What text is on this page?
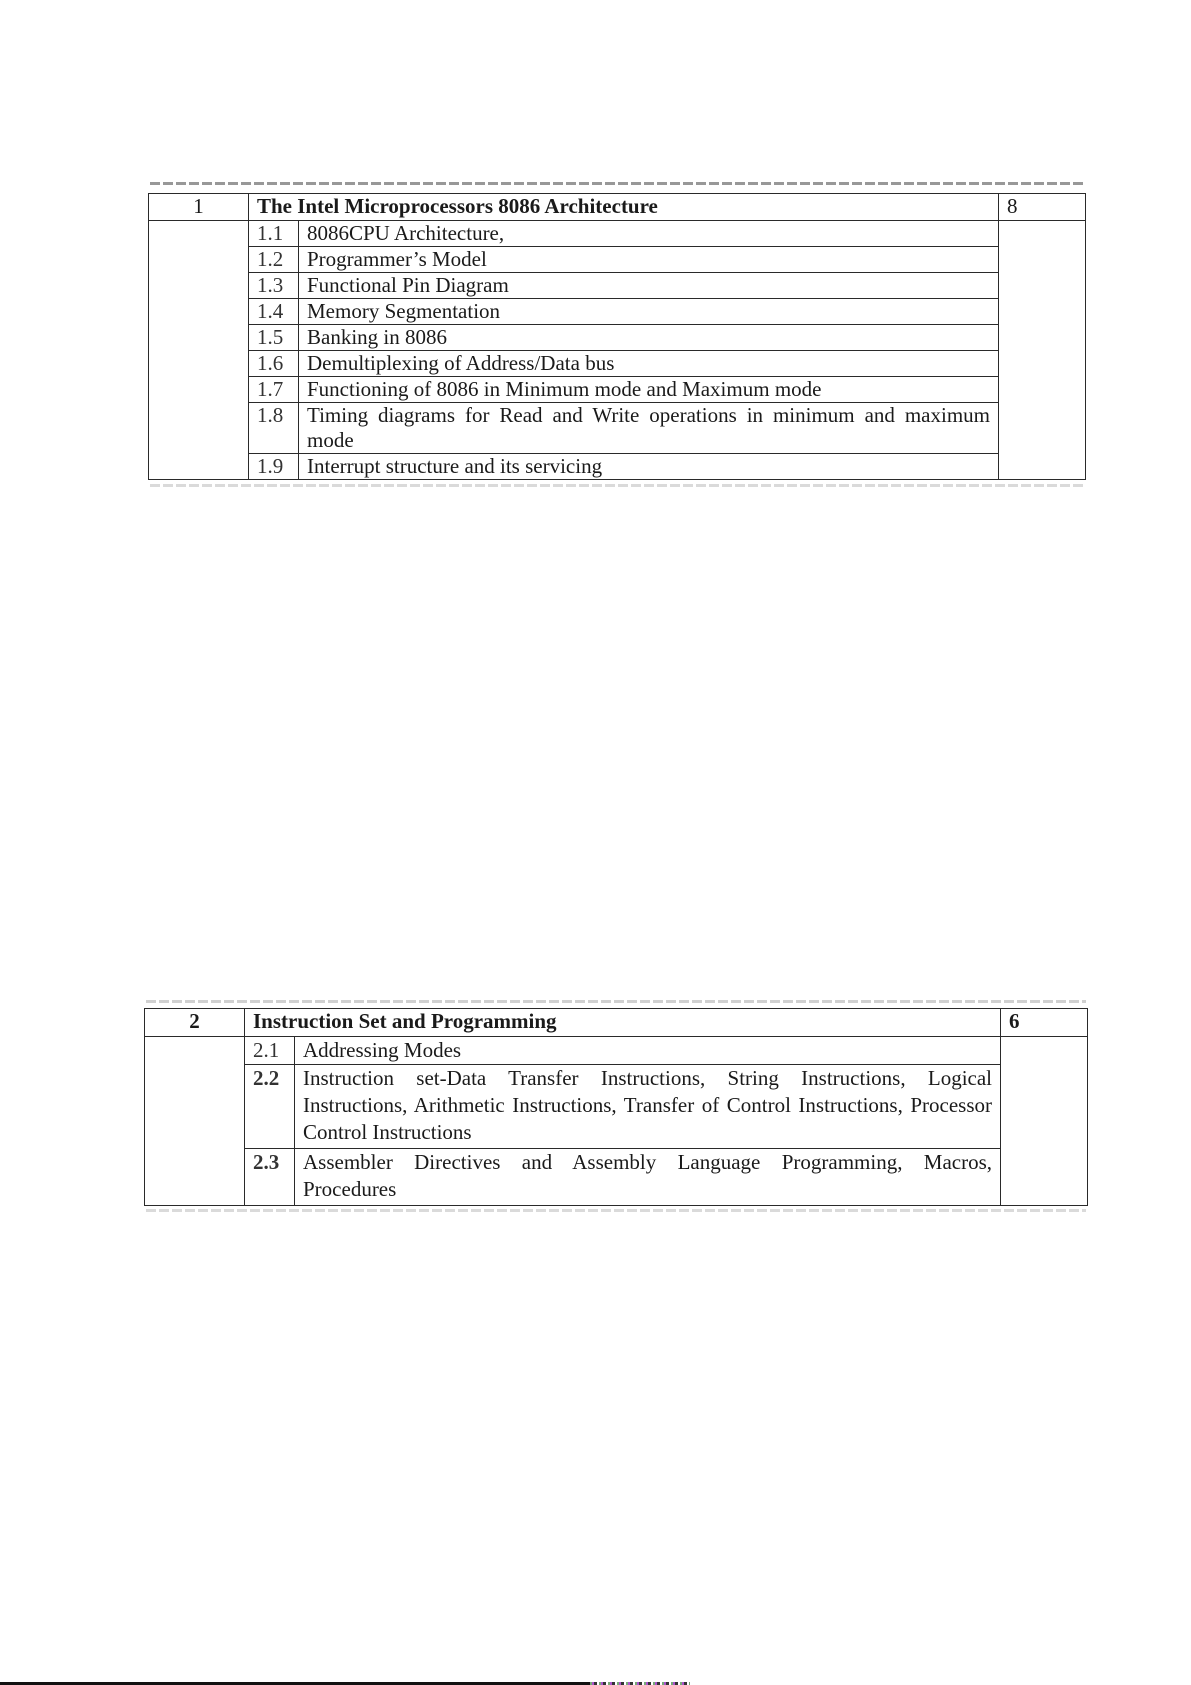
1	The Intel Microprocessors 8086 Architecture		8
	1.1	8086CPU Architecture,	
	1.2	Programmer’s Model	
	1.3	Functional Pin Diagram	
	1.4	Memory Segmentation	
	1.5	Banking in 8086	
	1.6	Demultiplexing of Address/Data bus	
	1.7	Functioning of 8086 in Minimum mode and Maximum mode	
	1.8	Timing diagrams for Read and Write operations in minimum and maximum mode	
	1.9	Interrupt structure and its servicing	
2	Instruction Set and Programming		6
	2.1	Addressing Modes	
	2.2	Instruction set-Data Transfer Instructions, String Instructions, Logical Instructions, Arithmetic Instructions, Transfer of Control Instructions, Processor Control Instructions	
	2.3	Assembler Directives and Assembly Language Programming, Macros, Procedures	
